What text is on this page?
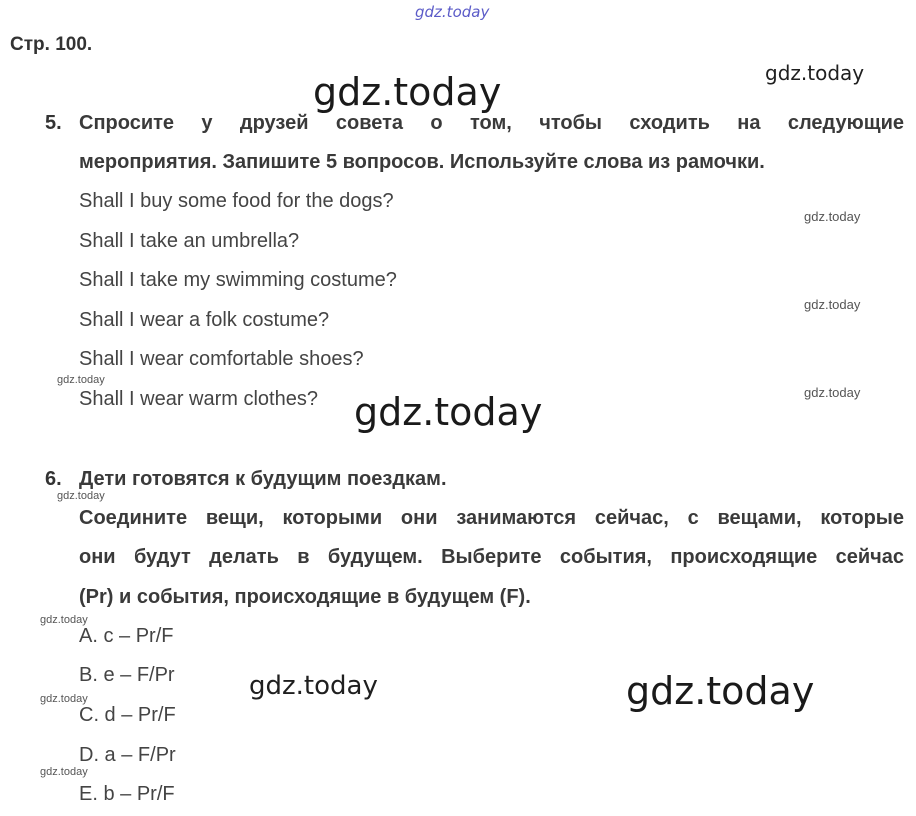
gdz.today
Стр. 100.
gdz.today	gdz.today
5. Спросите у друзей совета о том, чтобы сходить на следующие
мероприятия. Запишите 5 вопросов. Используйте слова из рамочки.
Shall I buy some food for the dogs?
Shall I take an umbrella?
Shall I take my swimming costume?
Shall I wear a folk costume?
Shall I wear comfortable shoes?
Shall I wear warm clothes?
gdz.today
gdz.today
gdz.today
gdz.today
gdz.today
6. Дети готовятся к будущим поездкам.
gdz.today
Соедините вещи, которыми они занимаются сейчас, с вещами, которые
они будут делать в будущем. Выберите события, происходящие сейчас
(Pr) и события, происходящие в будущем (F).
gdz.today
A. c – Pr/F
B. e – F/Pr
gdz.today
C. d – Pr/F
D. a – F/Pr
gdz.today
E. b – Pr/F
gdz.today	gdz.today
